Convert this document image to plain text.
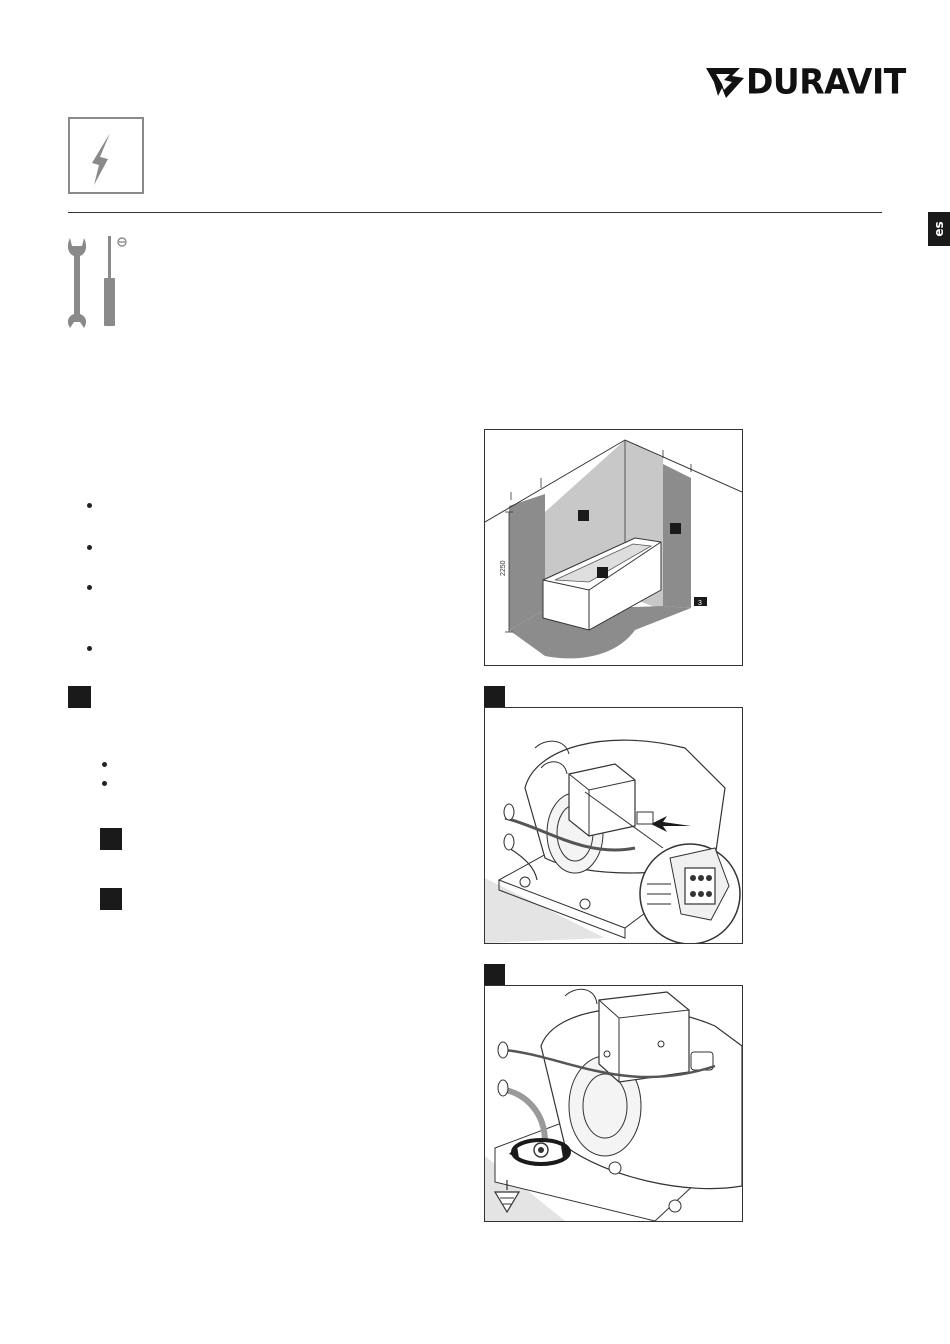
DURAVIT
es
3
2250
